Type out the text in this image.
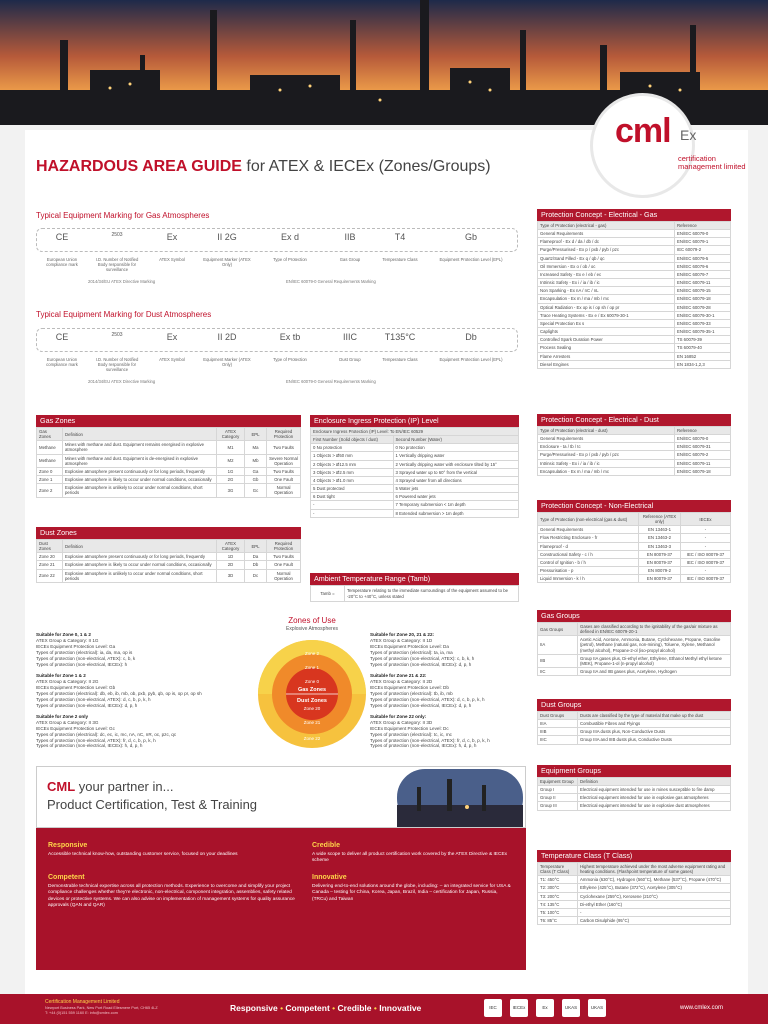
cml Ex
certification management limited
HAZARDOUS AREA GUIDE for ATEX & IECEx (Zones/Groups)
Typical Equipment Marking for Gas Atmospheres
2014/34/EU ATEX Directive Marking	EN/IEC 60079-0 General Requirements Marking
CE
European Union compliance mark
2503
I.D. Number of Notified Body responsible for surveillance
Ex
ATEX Symbol
II 2G
Equipment Marker (ATEX Only)
Ex d
Type of Protection
IIB
Gas Group
T4
Temperature Class
Gb
Equipment Protection Level (EPL)
Typical Equipment Marking for Dust Atmospheres
2014/34/EU ATEX Directive Marking	EN/IEC 60079-0 General Requirements Marking
CE
European Union compliance mark
2503
I.D. Number of Notified Body responsible for surveillance
Ex
ATEX Symbol
II 2D
Equipment Marker (ATEX Only)
Ex tb
Type of Protection
IIIC
Dust Group
T135°C
Temperature Class
Db
Equipment Protection Level (EPL)
Gas Zones
Gas Zones	Definition	ATEX Category	EPL	Required Protection
Methane	Mines with methane and dust. Equipment remains energised in explosive atmosphere	M1	Ma	Two Faults
Methane	Mines with methane and dust. Equipment is de-energised in explosive atmosphere	M2	Mb	Severe Normal Operation
Zone 0	Explosive atmosphere present continuously or for long periods, frequently	1G	Ga	Two Faults
Zone 1	Explosive atmosphere is likely to occur under normal conditions, occasionally	2G	Gb	One Fault
Zone 2	Explosive atmosphere is unlikely to occur under normal conditions, short periods	3G	Gc	Normal Operation
Dust Zones
Dust Zones	Definition	ATEX Category	EPL	Required Protection
Zone 20	Explosive atmosphere present continuously or for long periods, frequently	1D	Da	Two Faults
Zone 21	Explosive atmosphere is likely to occur under normal conditions, occasionally	2D	Db	One Fault
Zone 22	Explosive atmosphere is unlikely to occur under normal conditions, short periods	3D	Dc	Normal Operation
Enclosure Ingress Protection (IP) Level
Enclosure Ingress Protection (IP) Level: To EN/IEC 60529	
First Number (Solid objects / dust)	Second Number (Water)
0 No protection	0 No protection
1 Objects > Ø50 mm	1 Vertically dripping water
2 Objects > Ø12.5 mm	2 Vertically dripping water with enclosure tilted by 15°
3 Objects > Ø2.5 mm	3 Sprayed water up to 60° from the vertical
4 Objects > Ø1.0 mm	4 Sprayed water from all directions
5 Dust protected	5 Water jets
6 Dust tight	6 Powered water jets
-	7 Temporary submersion < 1m depth
-	8 Extended submersion > 1m depth
Ambient Temperature Range (Tamb)
Tamb =	Temperature relating to the immediate surroundings of the equipment assumed to be -20°C to +40°C, unless stated
Zones of Use
Explosive Atmospheres
Zone 2
Zone 1
Zone 0
Gas Zones
Dust Zones
Zone 20
Zone 21
Zone 22
Suitable for Zone 0, 1 & 2
ATEX Group & Category: II 1G
IECEx Equipment Protection Level: Ga
Types of protection (electrical): ia, da, ma, op is
Types of protection (non-electrical, ATEX): c, b, k
Types of protection (non-electrical, IECEx): h
Suitable for Zone 1 & 2
ATEX Group & Category: II 2G
IECEx Equipment Protection Level: Gb
Types of protection (electrical): db, eb, ib, mb, ob, pxb, pyb, qb, op is, op pr, op sh
Types of protection (non-electrical, ATEX): d, c, b, p, k, h
Types of protection (non-electrical, IECEx): d, p, h
Suitable for Zone 2 only
ATEX Group & Category: II 3G
IECEx Equipment Protection Level: Gc
Types of protection (electrical): dc, ec, ic, mc, nA, nC, nR, oc, pzc, qc
Types of protection (non-electrical, ATEX): fr, d, c, b, p, k, h
Types of protection (non-electrical, IECEx): h, d, p, h
Suitable for Zone 20, 21 & 22:
ATEX Group & Category: II 1D
IECEx Equipment Protection Level: Da
Types of protection (electrical): ta, ia, ma
Types of protection (non-electrical, ATEX): c, b, k, h
Types of protection (non-electrical, IECEx): d, p, h
Suitable for Zone 21 & 22:
ATEX Group & Category: II 2D
IECEx Equipment Protection Level: Db
Types of protection (electrical): tb, ib, mb
Types of protection (non-electrical, ATEX): d, c, b, p, k, h
Types of protection (non-electrical, IECEx): d, p, h
Suitable for Zone 22 only:
ATEX Group & Category: II 3D
IECEx Equipment Protection Level: Dc
Types of protection (electrical): tc, ic, mc
Types of protection (non-electrical, ATEX): fr, d, c, b, p, k, h
Types of protection (non-electrical, IECEx): h, d, p, h
CML your partner in...
Product Certification, Test & Training
Responsive
Accessible technical know-how, outstanding customer service, focused on your deadlines
Competent
Demonstrable technical expertise across all protection methods. Experience to overcome and simplify your project compliance challenges whether they're electronic, non-electrical, component integration, assemblies, safety related devices or protective systems. We can also advise on implementation of management systems for quality assurance approvals (QAN and QAR)
Credible
A wide scope to deliver all product certification work covered by the ATEX Directive & IECEx scheme
Innovative
Delivering end-to-end solutions around the globe, including: – an integrated service for USA & Canada – testing for China, Korea, Japan, Brazil, India – certification for Japan, Russia, (TRCu) and Taiwan
Protection Concept - Electrical - Gas
Type of Protection (electrical - gas)	Reference
General Requirements	EN/IEC 60079-0
Flameproof - Ex d / da / db / dc	EN/IEC 60079-1
Purge/Pressurised - Ex p / pxb / pyb / pzc	IEC 60079-2
Quartz/Sand Filled - Ex q / qb / qc	EN/IEC 60079-5
Oil Immersion - Ex o / ob / oc	EN/IEC 60079-6
Increased Safety - Ex e / eb / ec	EN/IEC 60079-7
Intrinsic Safety - Ex i / ia / ib / ic	EN/IEC 60079-11
Non Sparking - Ex nA / nC / nL	EN/IEC 60079-15
Encapsulation - Ex m / ma / mb / mc	EN/IEC 60079-18
Optical Radiation - Ex op is / op sh / op pr	EN/IEC 60079-28
Trace Heating Systems - Ex e / Ex 60079-30-1	EN/IEC 60079-30-1
Special Protection Ex s	EN/IEC 60079-33
Caplights	EN/IEC 60079-35-1
Controlled Spark Duration Power	TS 60079-39
Process Sealing	TS 60079-40
Flame Arresters	EN 16852
Diesel Engines	EN 1834-1,2,3
Protection Concept - Electrical - Dust
Type of Protection (electrical - dust)	Reference
General Requirements	EN/IEC 60079-0
Enclosure - ta / tb / tc	EN/IEC 60079-31
Purge/Pressurised - Ex p / pxb / pyb / pzc	EN/IEC 60079-2
Intrinsic Safety - Ex i / ia / ib / ic	EN/IEC 60079-11
Encapsulation - Ex m / ma / mb / mc	EN/IEC 60079-18
Protection Concept - Non-Electrical
Type of Protection (non-electrical (gas & dust)	Reference (ATEX only)	IECEx
General Requirements	EN 13463-1	-
Flow Restricting Enclosure - fr	EN 13463-2	-
Flameproof - d	EN 13463-3	-
Constructional Safety - c / h	EN 80079-37	IEC / ISO 80079-37
Control of Ignition - b / h	EN 80079-37	IEC / ISO 80079-37
Pressurisation - p	EN 80079-2	-
Liquid Immersion - k / h	EN 80079-37	IEC / ISO 80079-37
Gas Groups
Gas Groups	Gases are classified according to the ignitability of the gas/air mixture as defined in EN/IEC 60079-20-1
IIA	Acetic Acid, Acetone, Ammonia, Butane, Cyclohexane, Propane, Gasoline (petrol), Methane (natural gas, non-mining), Toluene, Xylene, Methanol (methyl alcohol), Propane-2-ol (iso-propyl alcohol)
IIB	Group IIA gases plus, Di-ethyl ether, Ethylene, Ethanol Methyl ethyl ketone (MEK), Propane-1-ol (n-propyl alcohol)
IIC	Group IIA and IIB gases plus, Acetylene, Hydrogen
Dust Groups
Dust Groups	Dusts are classified by the type of material that make up the dust
IIIA	Combustible Fibres and Flyings
IIIB	Group IIIA dusts plus, Non-Conductive Dusts
IIIC	Group IIIA and IIIB dusts plus, Conductive Dusts
Equipment Groups
Equipment Group	Definition
Group I	Electrical equipment intended for use in mines susceptible to fire damp
Group II	Electrical equipment intended for use in explosive gas atmospheres
Group III	Electrical equipment intended for use in explosive dust atmospheres
Temperature Class (T Class)
Temperature Class (T Class)	Highest temperature achieved under the most adverse equipment rating and heating conditions. (Flashpoint temperature of some gases)
T1: 450°C	Ammonia (630°C), Hydrogen (560°C), Methane (537°C), Propane (470°C)
T2: 300°C	Ethylene (425°C), Butane (372°C), Acetylene (305°C)
T3: 200°C	Cyclohexane (259°C), Kerosene (210°C)
T4: 135°C	Di-ethyl Ether (160°C)
T5: 100°C	-
T6: 85°C	Carbon Disulphide (95°C)
Certification Management Limited
Newport Business Park, New Port Road Ellesmere Port, CH65 4LZ
T: +44 (0)151 559 1160 E: info@cmlex.com	Responsive • Competent • Credible • Innovative	IEC	IECEx	Ex	UKAS	UKAS	www.cmlex.com
